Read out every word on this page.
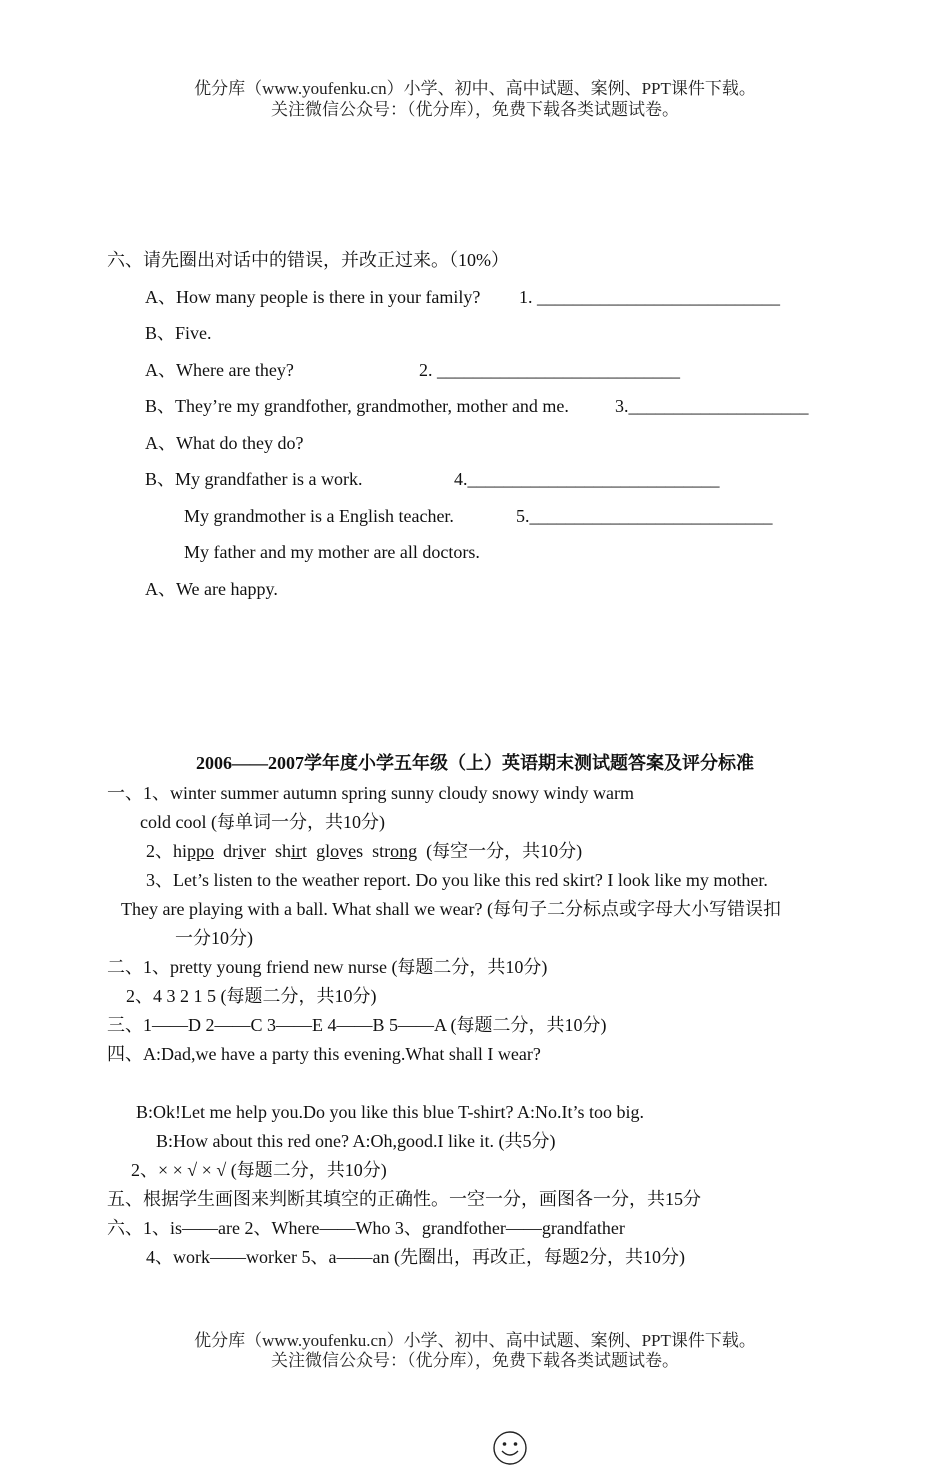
优分库（www.youfenku.cn）小学、初中、高中试题、案例、PPT课件下载。
关注微信公众号：（优分库），免费下载各类试题试卷。
六、请先圈出对话中的错误，并改正过来。（10%）
A、How many people is there in your family? 1. ___________________________
B、Five.
A、Where are they?	2. ___________________________
B、They’re my grandfother, grandmother, mother and me.	3.____________________
A、What do they do?
B、My grandfather is a work.	4.____________________________
My grandmother is a English teacher.	5.___________________________
My father and my mother are all doctors.
A、We are happy.
2006——2007学年度小学五年级（上）英语期末测试题答案及评分标准
一、1、winter summer autumn spring sunny cloudy snowy windy warm
cold cool (每单词一分，共10分)
2、hippo driver shirt gloves strong (每空一分，共10分)
3、Let’s listen to the weather report. Do you like this red skirt? I look like my mother.
They are playing with a ball. What shall we wear? (每句子二分标点或字母大小写错误扣
一分10分)
二、1、pretty young friend new nurse (每题二分，共10分)
2、4 3 2 1 5 (每题二分，共10分)
三、1——D 2——C 3——E 4——B 5——A (每题二分，共10分)
四、A:Dad,we have a party this evening.What shall I wear?
B:Ok!Let me help you.Do you like this blue T-shirt? A:No.It’s too big.
B:How about this red one? A:Oh,good.I like it. (共5分)
2、× × √ × √ (每题二分，共10分)
五、根据学生画图来判断其填空的正确性。一空一分，画图各一分，共15分
六、1、is——are 2、Where——Who 3、grandfother——grandfather
4、work——worker 5、a——an (先圈出，再改正，每题2分，共10分)
优分库（www.youfenku.cn）小学、初中、高中试题、案例、PPT课件下载。
关注微信公众号：（优分库），免费下载各类试题试卷。
